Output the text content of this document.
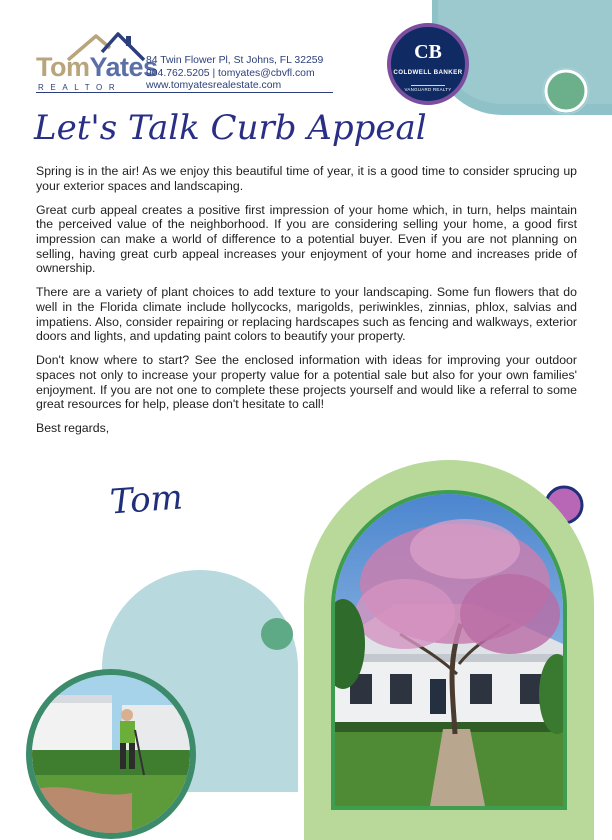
TomYates
REALTOR
84 Twin Flower Pl, St Johns, FL 32259
904.762.5205 | tomyates@cbvfl.com
www.tomyatesrealestate.com
CB
COLDWELL BANKER
VANGUARD REALTY
Let's Talk Curb Appeal

Spring is in the air! As we enjoy this beautiful time of year, it is a good time to consider sprucing up your exterior spaces and landscaping.

Great curb appeal creates a positive first impression of your home which, in turn, helps maintain the perceived value of the neighborhood. If you are considering selling your home, a good first impression can make a world of difference to a potential buyer. Even if you are not planning on selling, having great curb appeal increases your enjoyment of your home and increases pride of ownership.

There are a variety of plant choices to add texture to your landscaping. Some fun flowers that do well in the Florida climate include hollycocks, marigolds, periwinkles, zinnias, phlox, salvias and impatiens. Also, consider repairing or replacing hardscapes such as fencing and walkways, exterior doors and lights, and updating paint colors to beautify your property.

Don't know where to start? See the enclosed information with ideas for improving your outdoor spaces not only to increase your property value for a potential sale but also for your own families' enjoyment. If you are not one to complete these projects yourself and would like a referral to some great resources for help, please don't hesitate to call!

Best regards,

Tom
